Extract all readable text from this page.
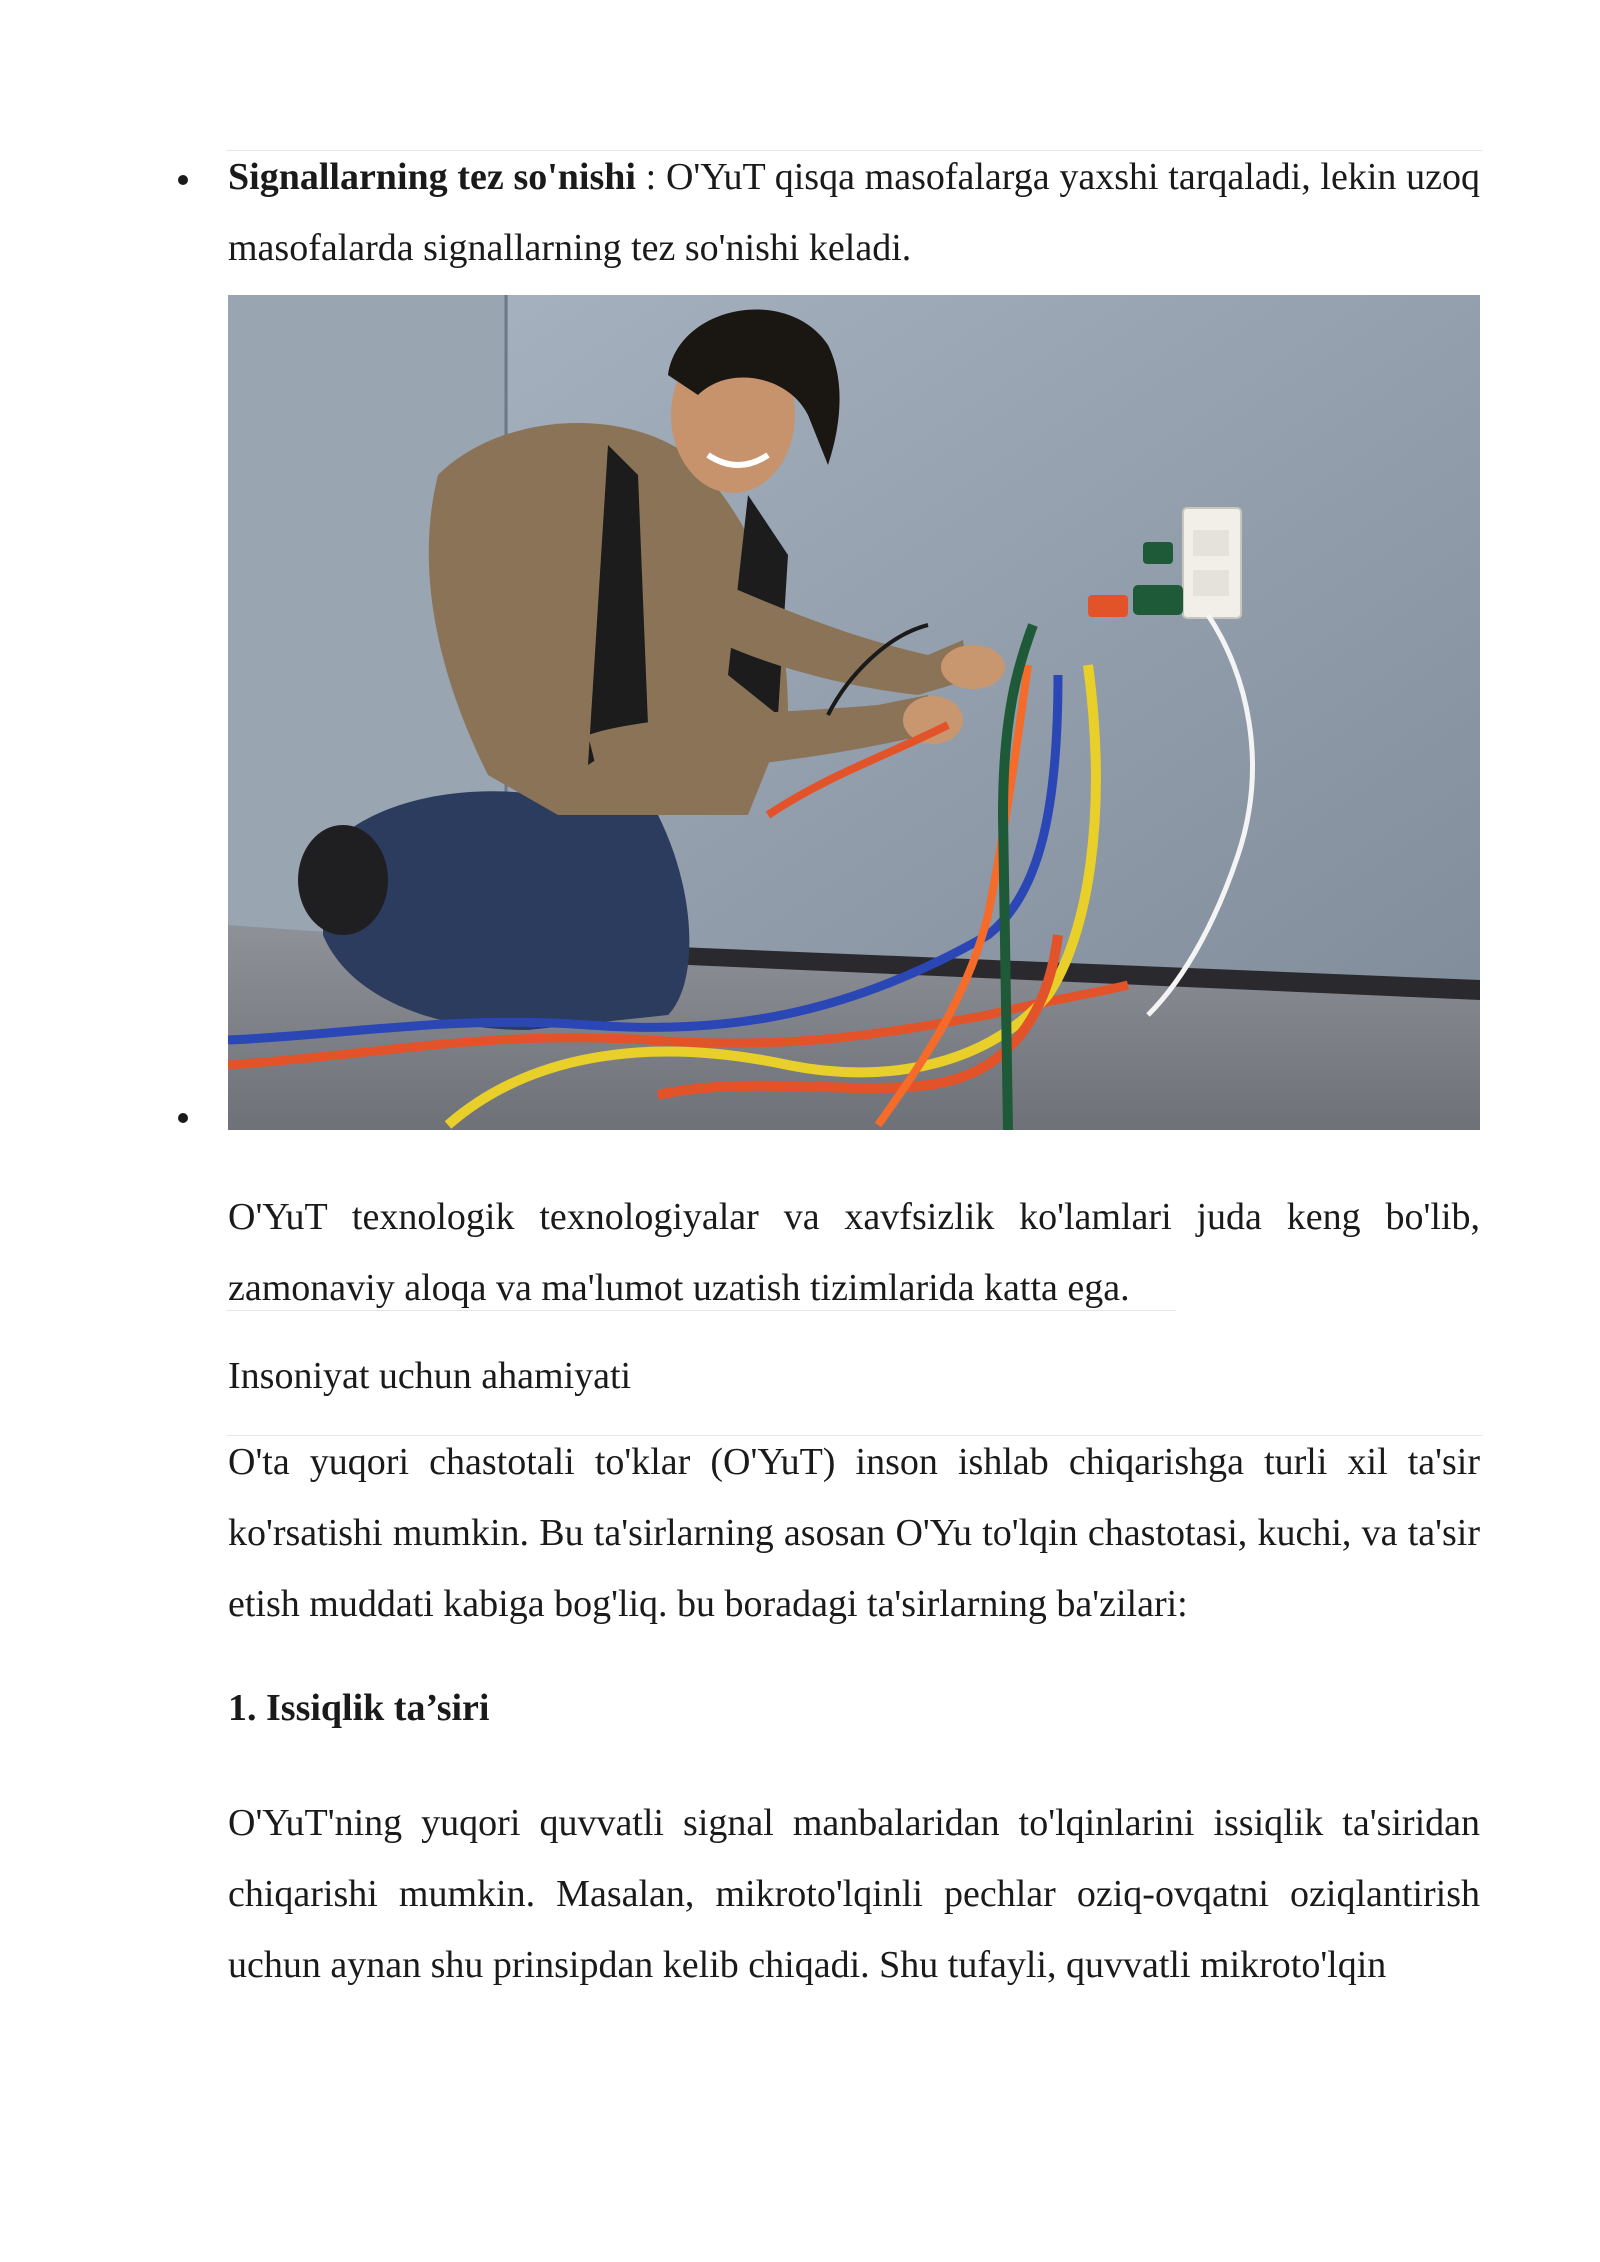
Signallarning tez so'nishi : O'YuT qisqa masofalarga yaxshi tarqaladi, lekin uzoq masofalarda signallarning tez so'nishi keladi.

O'YuT texnologik texnologiyalar va xavfsizlik ko'lamlari juda keng bo'lib, zamonaviy aloqa va ma'lumot uzatish tizimlarida katta ega.

Insoniyat uchun ahamiyati

O'ta yuqori chastotali to'klar (O'YuT) inson ishlab chiqarishga turli xil ta'sir ko'rsatishi mumkin. Bu ta'sirlarning asosan O'Yu to'lqin chastotasi, kuchi, va ta'sir etish muddati kabiga bog'liq. bu boradagi ta'sirlarning ba'zilari:

1. Issiqlik ta’siri

O'YuT'ning yuqori quvvatli signal manbalaridan to'lqinlarini issiqlik ta'siridan chiqarishi mumkin. Masalan, mikroto'lqinli pechlar oziq-ovqatni oziqlantirish uchun aynan shu prinsipdan kelib chiqadi. Shu tufayli, quvvatli mikroto'lqin
